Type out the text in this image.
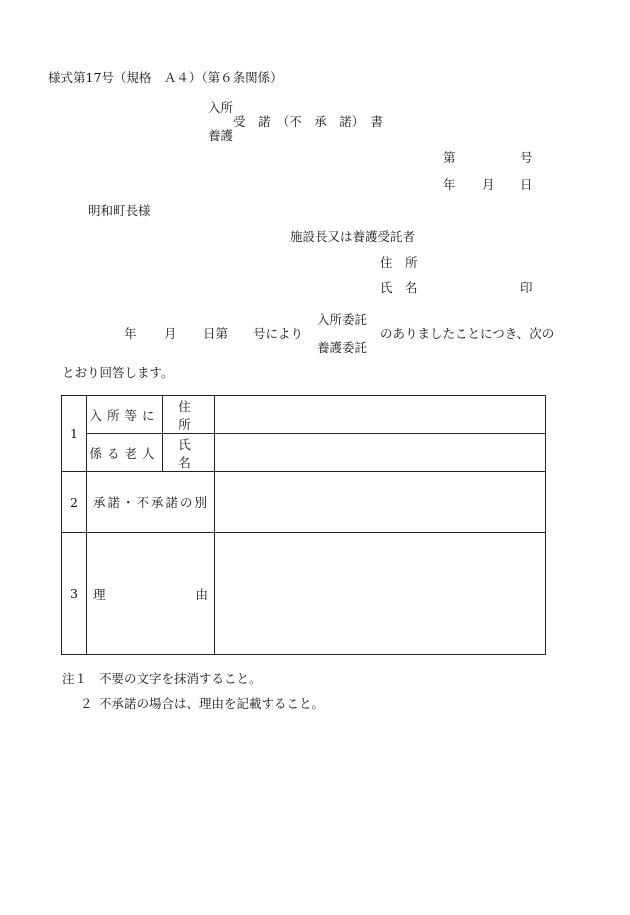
様式第17号（規格　Ａ４）（第６条関係）
入所
受　諾　（不　承　諾）　書
養護
第	号
年 月 日
明和町長様
施設長又は養護受託者
住　所
氏　名	印
年 月 日第 号により
入所委託
養護委託
のありましたことにつき、次の
とおり回答します。
1	入所等に	住　所	
	係る老人	氏　名	
2	承諾・不承諾の別		
3	理 由		

注１ 不要の文字を抹消すること。
２ 不承諾の場合は、理由を記載すること。
